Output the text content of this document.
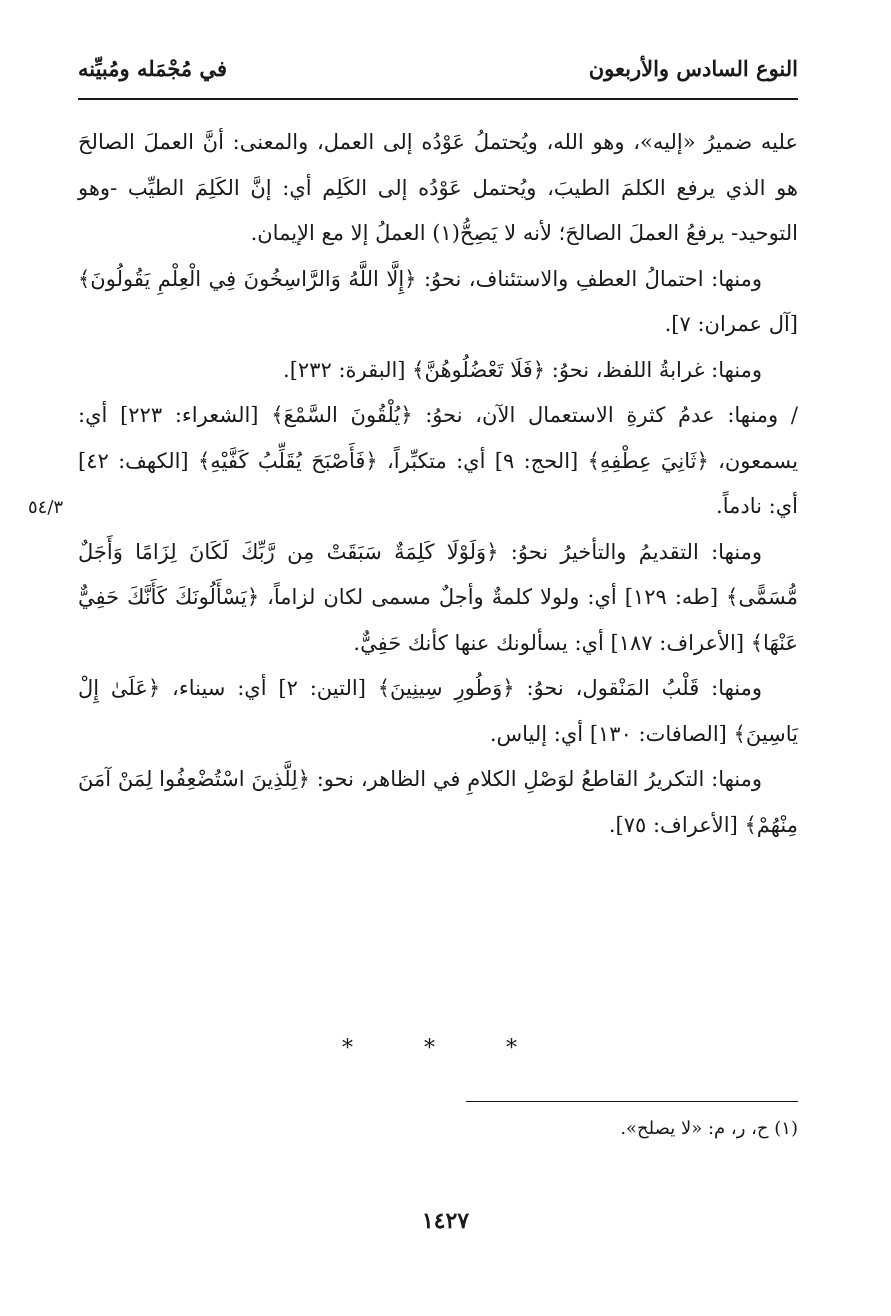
النوع السادس والأربعون
في مُجْمَله ومُبيِّنه
٥٤/٣

عليه ضميرُ «إليه»، وهو الله، ويُحتملُ عَوْدُه إلى العمل، والمعنى: أنَّ العملَ الصالحَ هو الذي يرفع الكلمَ الطيبَ، ويُحتمل عَوْدُه إلى الكَلِم أي: إنَّ الكَلِمَ الطيِّب -وهو التوحيد- يرفعُ العملَ الصالحَ؛ لأنه لا يَصِحُّ(١) العملُ إلا مع الإيمان.

ومنها: احتمالُ العطفِ والاستئناف، نحوُ: ﴿إِلَّا اللَّهُ وَالرَّاسِخُونَ فِي الْعِلْمِ يَقُولُونَ﴾ [آل عمران: ٧].

ومنها: غرابةُ اللفظ، نحوُ: ﴿فَلَا تَعْضُلُوهُنَّ﴾ [البقرة: ٢٣٢].

/ ومنها: عدمُ كثرةِ الاستعمال الآن، نحوُ: ﴿يُلْقُونَ السَّمْعَ﴾ [الشعراء: ٢٢٣] أي: يسمعون، ﴿ثَانِيَ عِطْفِهِ﴾ [الحج: ٩] أي: متكبِّراً، ﴿فَأَصْبَحَ يُقَلِّبُ كَفَّيْهِ﴾ [الكهف: ٤٢] أي: نادماً.

ومنها: التقديمُ والتأخيرُ نحوُ: ﴿وَلَوْلَا كَلِمَةٌ سَبَقَتْ مِن رَّبِّكَ لَكَانَ لِزَامًا وَأَجَلٌ مُّسَمًّى﴾ [طه: ١٢٩] أي: ولولا كلمةٌ وأجلٌ مسمى لكان لزاماً، ﴿يَسْأَلُونَكَ كَأَنَّكَ حَفِيٌّ عَنْهَا﴾ [الأعراف: ١٨٧] أي: يسألونك عنها كأنك حَفِيٌّ.

ومنها: قَلْبُ المَنْقول، نحوُ: ﴿وَطُورِ سِينِينَ﴾ [التين: ٢] أي: سيناء، ﴿عَلَىٰ إِلْ يَاسِينَ﴾ [الصافات: ١٣٠] أي: إلياس.

ومنها: التكريرُ القاطعُ لوَصْلِ الكلامِ في الظاهر، نحو: ﴿لِلَّذِينَ اسْتُضْعِفُوا لِمَنْ آمَنَ مِنْهُمْ﴾ [الأعراف: ٧٥].

* * *
(١) ح، ر، م: «لا يصلح».
١٤٢٧
